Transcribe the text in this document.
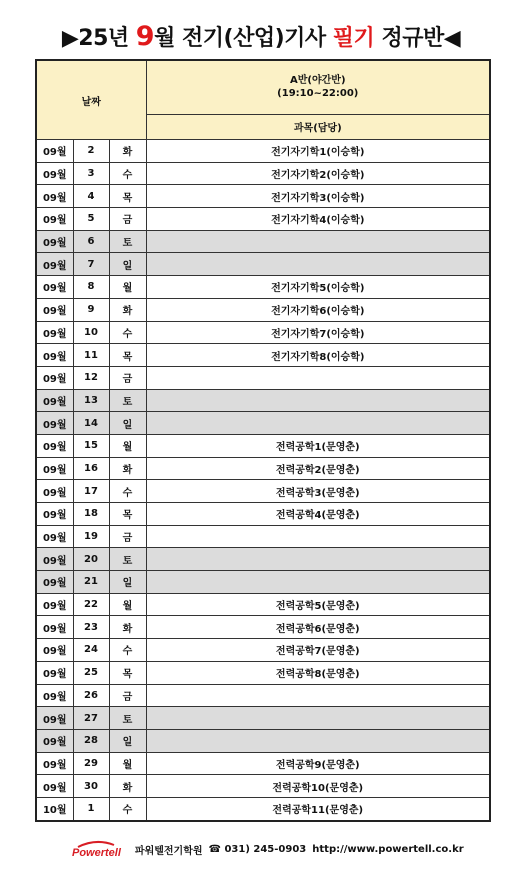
▶25년 9월 전기(산업)기사 필기 정규반◀
날짜			A반(야간반)
(19:10~22:00)

			과목(담당)
09월	2	화	전기자기학1(이승학)
09월	3	수	전기자기학2(이승학)
09월	4	목	전기자기학3(이승학)
09월	5	금	전기자기학4(이승학)
09월	6	토	
09월	7	일	
09월	8	월	전기자기학5(이승학)
09월	9	화	전기자기학6(이승학)
09월	10	수	전기자기학7(이승학)
09월	11	목	전기자기학8(이승학)
09월	12	금	
09월	13	토	
09월	14	일	
09월	15	월	전력공학1(문영춘)
09월	16	화	전력공학2(문영춘)
09월	17	수	전력공학3(문영춘)
09월	18	목	전력공학4(문영춘)
09월	19	금	
09월	20	토	
09월	21	일	
09월	22	월	전력공학5(문영춘)
09월	23	화	전력공학6(문영춘)
09월	24	수	전력공학7(문영춘)
09월	25	목	전력공학8(문영춘)
09월	26	금	
09월	27	토	
09월	28	일	
09월	29	월	전력공학9(문영춘)
09월	30	화	전력공학10(문영춘)
10월	1	수	전력공학11(문영춘)
Powertell 파워텔전기학원 ☎ 031) 245-0903 http://www.powertell.co.kr
